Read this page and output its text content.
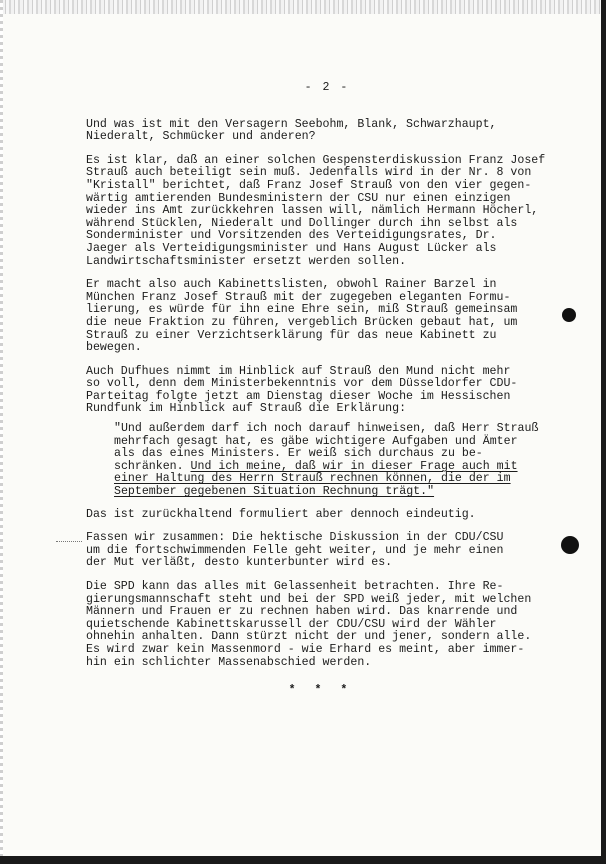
- 2 -
Und was ist mit den Versagern Seebohm, Blank, Schwarzhaupt,
Niederalt, Schmücker und anderen?
Es ist klar, daß an einer solchen Gespensterdiskussion Franz Josef
Strauß auch beteiligt sein muß. Jedenfalls wird in der Nr. 8 von
"Kristall" berichtet, daß Franz Josef Strauß von den vier gegen-
wärtig amtierenden Bundesministern der CSU nur einen einzigen
wieder ins Amt zurückkehren lassen will, nämlich Hermann Höcherl,
während Stücklen, Niederalt und Dollinger durch ihn selbst als
Sonderminister und Vorsitzenden des Verteidigungsrates, Dr.
Jaeger als Verteidigungsminister und Hans August Lücker als
Landwirtschaftsminister ersetzt werden sollen.
Er macht also auch Kabinettslisten, obwohl Rainer Barzel in
München Franz Josef Strauß mit der zugegeben eleganten Formu-
lierung, es würde für ihn eine Ehre sein, miß Strauß gemeinsam
die neue Fraktion zu führen, vergeblich Brücken gebaut hat, um
Strauß zu einer Verzichtserklärung für das neue Kabinett zu
bewegen.
Auch Dufhues nimmt im Hinblick auf Strauß den Mund nicht mehr
so voll, denn dem Ministerbekenntnis vor dem Düsseldorfer CDU-
Parteitag folgte jetzt am Dienstag dieser Woche im Hessischen
Rundfunk im Hinblick auf Strauß die Erklärung:
"Und außerdem darf ich noch darauf hinweisen, daß Herr Strauß
mehrfach gesagt hat, es gäbe wichtigere Aufgaben und Ämter
als das eines Ministers. Er weiß sich durchaus zu be-
schränken. Und ich meine, daß wir in dieser Frage auch mit
einer Haltung des Herrn Strauß rechnen können, die der im
September gegebenen Situation Rechnung trägt."
Das ist zurückhaltend formuliert aber dennoch eindeutig.
Fassen wir zusammen: Die hektische Diskussion in der CDU/CSU
um die fortschwimmenden Felle geht weiter, und je mehr einen
der Mut verläßt, desto kunterbunter wird es.
Die SPD kann das alles mit Gelassenheit betrachten. Ihre Re-
gierungsmannschaft steht und bei der SPD weiß jeder, mit welchen
Männern und Frauen er zu rechnen haben wird. Das knarrende und
quietschende Kabinettskarussell der CDU/CSU wird der Wähler
ohnehin anhalten. Dann stürzt nicht der und jener, sondern alle.
Es wird zwar kein Massenmord - wie Erhard es meint, aber immer-
hin ein schlichter Massenabschied werden.
* * *
